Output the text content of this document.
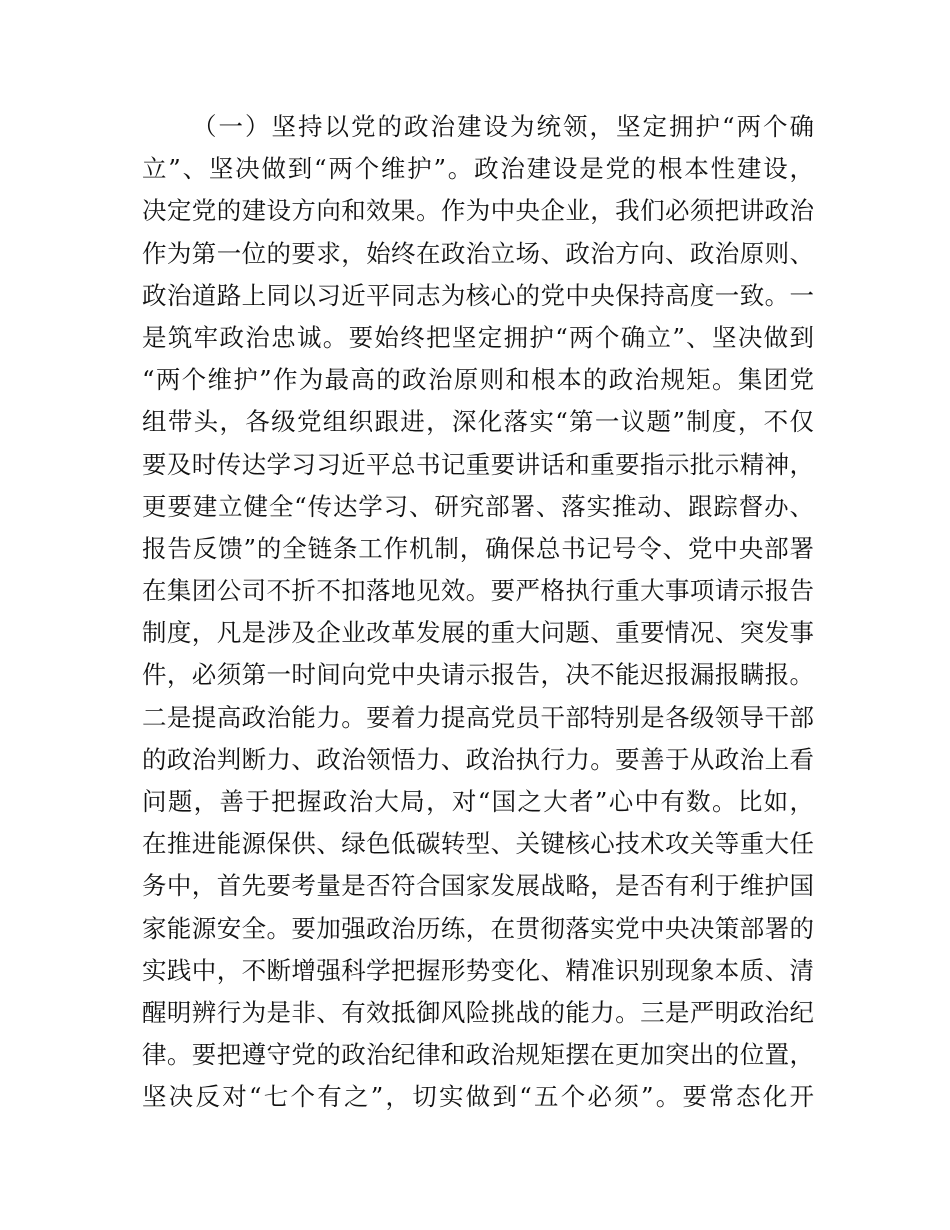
（一）坚持以党的政治建设为统领，坚定拥护“两个确
立”、坚决做到“两个维护”。政治建设是党的根本性建设，
决定党的建设方向和效果。作为中央企业，我们必须把讲政治
作为第一位的要求，始终在政治立场、政治方向、政治原则、
政治道路上同以习近平同志为核心的党中央保持高度一致。一
是筑牢政治忠诚。要始终把坚定拥护“两个确立”、坚决做到
“两个维护”作为最高的政治原则和根本的政治规矩。集团党
组带头，各级党组织跟进，深化落实“第一议题”制度，不仅
要及时传达学习习近平总书记重要讲话和重要指示批示精神，
更要建立健全“传达学习、研究部署、落实推动、跟踪督办、
报告反馈”的全链条工作机制，确保总书记号令、党中央部署
在集团公司不折不扣落地见效。要严格执行重大事项请示报告
制度，凡是涉及企业改革发展的重大问题、重要情况、突发事
件，必须第一时间向党中央请示报告，决不能迟报漏报瞒报。
二是提高政治能力。要着力提高党员干部特别是各级领导干部
的政治判断力、政治领悟力、政治执行力。要善于从政治上看
问题，善于把握政治大局，对“国之大者”心中有数。比如，
在推进能源保供、绿色低碳转型、关键核心技术攻关等重大任
务中，首先要考量是否符合国家发展战略，是否有利于维护国
家能源安全。要加强政治历练，在贯彻落实党中央决策部署的
实践中，不断增强科学把握形势变化、精准识别现象本质、清
醒明辨行为是非、有效抵御风险挑战的能力。三是严明政治纪
律。要把遵守党的政治纪律和政治规矩摆在更加突出的位置，
坚决反对“七个有之”，切实做到“五个必须”。要常态化开
